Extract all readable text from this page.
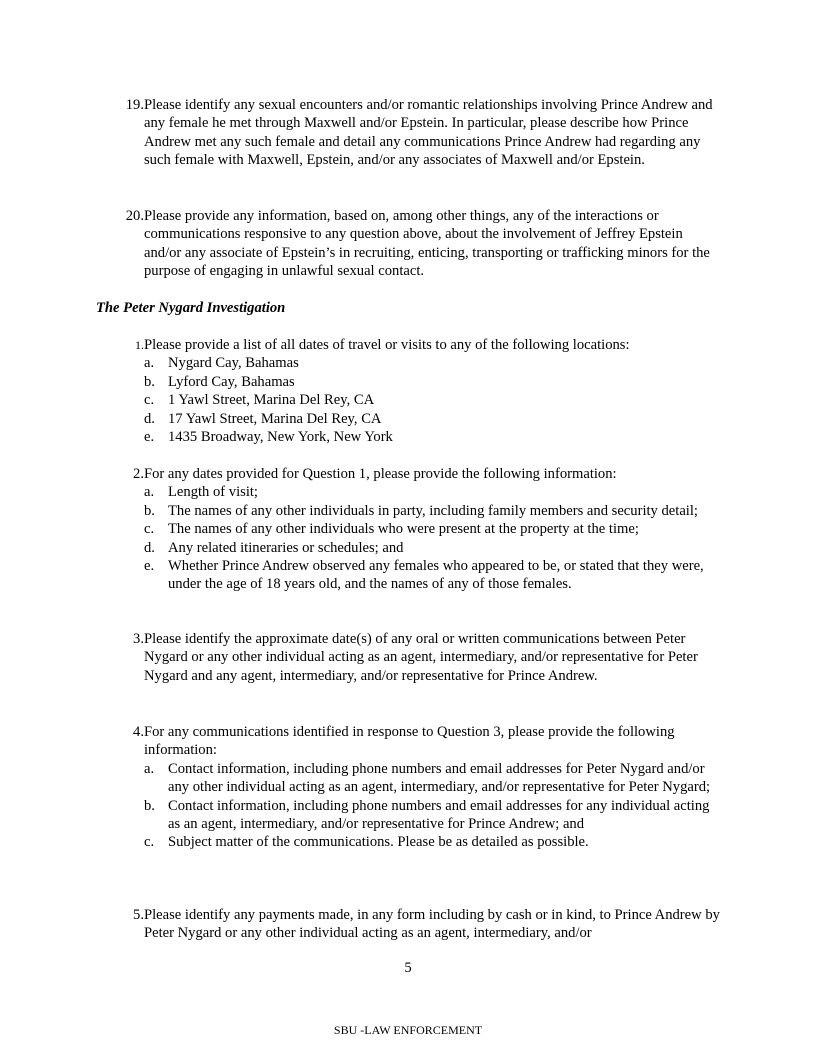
19. Please identify any sexual encounters and/or romantic relationships involving Prince Andrew and any female he met through Maxwell and/or Epstein. In particular, please describe how Prince Andrew met any such female and detail any communications Prince Andrew had regarding any such female with Maxwell, Epstein, and/or any associates of Maxwell and/or Epstein.
20. Please provide any information, based on, among other things, any of the interactions or communications responsive to any question above, about the involvement of Jeffrey Epstein and/or any associate of Epstein’s in recruiting, enticing, transporting or trafficking minors for the purpose of engaging in unlawful sexual contact.
The Peter Nygard Investigation
1. Please provide a list of all dates of travel or visits to any of the following locations:
a. Nygard Cay, Bahamas
b. Lyford Cay, Bahamas
c. 1 Yawl Street, Marina Del Rey, CA
d. 17 Yawl Street, Marina Del Rey, CA
e. 1435 Broadway, New York, New York
2. For any dates provided for Question 1, please provide the following information:
a. Length of visit;
b. The names of any other individuals in party, including family members and security detail;
c. The names of any other individuals who were present at the property at the time;
d. Any related itineraries or schedules; and
e. Whether Prince Andrew observed any females who appeared to be, or stated that they were, under the age of 18 years old, and the names of any of those females.
3. Please identify the approximate date(s) of any oral or written communications between Peter Nygard or any other individual acting as an agent, intermediary, and/or representative for Peter Nygard and any agent, intermediary, and/or representative for Prince Andrew.
4. For any communications identified in response to Question 3, please provide the following information:
a. Contact information, including phone numbers and email addresses for Peter Nygard and/or any other individual acting as an agent, intermediary, and/or representative for Peter Nygard;
b. Contact information, including phone numbers and email addresses for any individual acting as an agent, intermediary, and/or representative for Prince Andrew; and
c. Subject matter of the communications. Please be as detailed as possible.
5. Please identify any payments made, in any form including by cash or in kind, to Prince Andrew by Peter Nygard or any other individual acting as an agent, intermediary, and/or
5
SBU -LAW ENFORCEMENT
